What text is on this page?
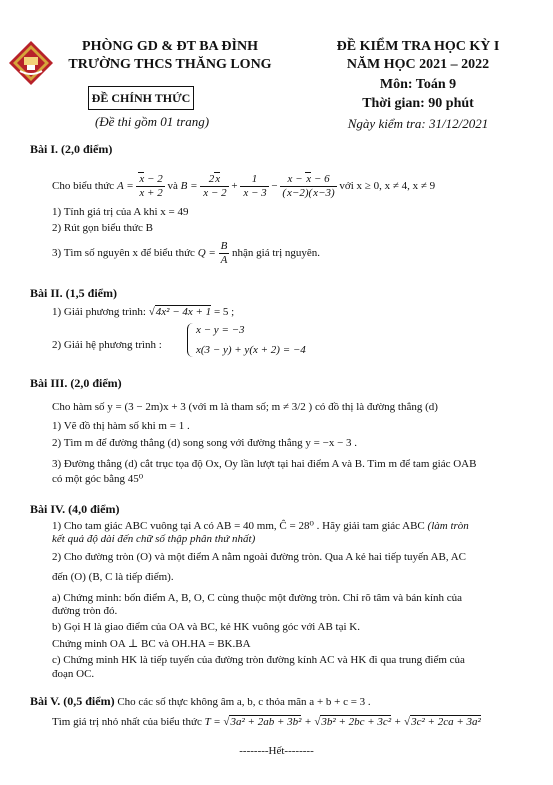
PHÒNG GD & ĐT BA ĐÌNH
TRƯỜNG THCS THĂNG LONG
ĐỀ CHÍNH THỨC
(Đề thi gồm 01 trang)
ĐỀ KIỂM TRA HỌC KỲ I
NĂM HỌC 2021 – 2022
Môn: Toán 9
Thời gian: 90 phút
Ngày kiểm tra: 31/12/2021
Bài I. (2,0 điểm)
Cho biểu thức $A = \frac{x - 2}{x + 2}$ và $B = \frac{2x}{x - 2} + \frac{1}{x - 3} - \frac{x - x - 6}{(x-2)(x-3)}$ với x ≥ 0, x ≠ 4, x ≠ 9
1) Tính giá trị của A khi x = 49
2) Rút gọn biểu thức B
3) Tìm số nguyên x để biểu thức $Q = \frac{B}{A}$ nhận giá trị nguyên.
Bài II. (1,5 điểm)
1) Giải phương trình: √4x² − 4x + 1 = 5 ;
2) Giải hệ phương trình :
x − y = −3
x(3 − y) + y(x + 2) = −4
Bài III. (2,0 điểm)
Cho hàm số y = (3 − 2m)x + 3 (với m là tham số; m ≠ 3/2 ) có đồ thị là đường thẳng (d)
1) Vẽ đồ thị hàm số khi m = 1 .
2) Tìm m để đường thẳng (d) song song với đường thẳng y = −x − 3 .
3) Đường thẳng (d) cắt trục tọa độ Ox, Oy lần lượt tại hai điểm A và B. Tìm m để tam giác OAB
có một góc bằng 45⁰
Bài IV. (4,0 điểm)
1) Cho tam giác ABC vuông tại A có AB = 40 mm, Ĉ = 28⁰ . Hãy giải tam giác ABC (làm tròn
kết quả độ dài đến chữ số thập phân thứ nhất)
2) Cho đường tròn (O) và một điểm A nằm ngoài đường tròn. Qua A kẻ hai tiếp tuyến AB, AC
đến (O) (B, C là tiếp điểm).
a) Chứng minh: bốn điểm A, B, O, C cùng thuộc một đường tròn. Chỉ rõ tâm và bán kính của
đường tròn đó.
b) Gọi H là giao điểm của OA và BC, kẻ HK vuông góc với AB tại K.
Chứng minh OA ⊥ BC và OH.HA = BK.BA
c) Chứng minh HK là tiếp tuyến của đường tròn đường kính AC và HK đi qua trung điểm của
đoạn OC.
Bài V. (0,5 điểm) Cho các số thực không âm a, b, c thỏa mãn a + b + c = 3 .
Tìm giá trị nhỏ nhất của biểu thức T = √3a² + 2ab + 3b² + √3b² + 2bc + 3c² + √3c² + 2ca + 3a²
--------Hết--------
